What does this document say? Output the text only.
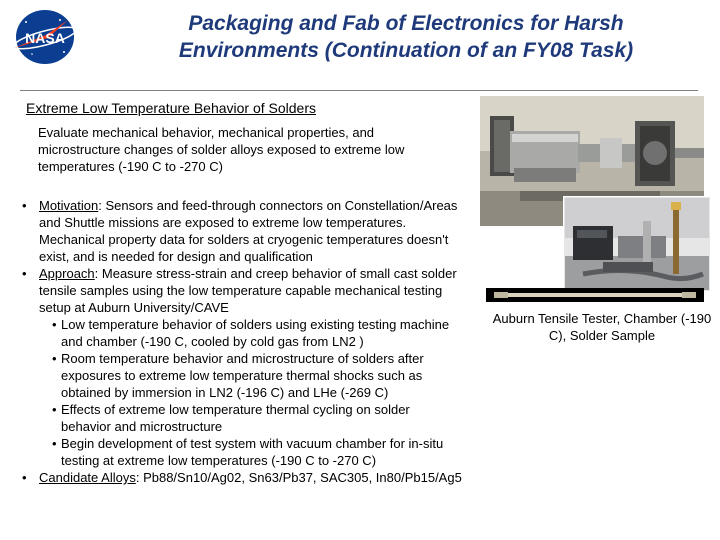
NASA
Packaging and Fab of Electronics for Harsh
Environments (Continuation of an FY08 Task)
Extreme Low Temperature Behavior of Solders
Evaluate mechanical behavior, mechanical properties, and microstructure changes of solder alloys exposed to extreme low temperatures (-190 C to -270 C)
• Motivation: Sensors and feed-through connectors on Constellation/Areas and Shuttle missions are exposed to extreme low temperatures. Mechanical property data for solders at cryogenic temperatures doesn't exist, and is needed for design and qualification
• Approach: Measure stress-strain and creep behavior of small cast solder tensile samples using the low temperature capable mechanical testing setup at Auburn University/CAVE
• Low temperature behavior of solders using existing testing machine and chamber (-190 C, cooled by cold gas from LN2 )
• Room temperature behavior and microstructure of solders after exposures to extreme low temperature thermal shocks such as obtained by immersion in LN2 (-196 C) and LHe (-269 C)
• Effects of extreme low temperature thermal cycling on solder behavior and microstructure
• Begin development of test system with vacuum chamber for in-situ testing at extreme low temperatures (-190 C to -270 C)
• Candidate Alloys: Pb88/Sn10/Ag02, Sn63/Pb37, SAC305, In80/Pb15/Ag5
Auburn Tensile Tester, Chamber (-190 C), Solder Sample
